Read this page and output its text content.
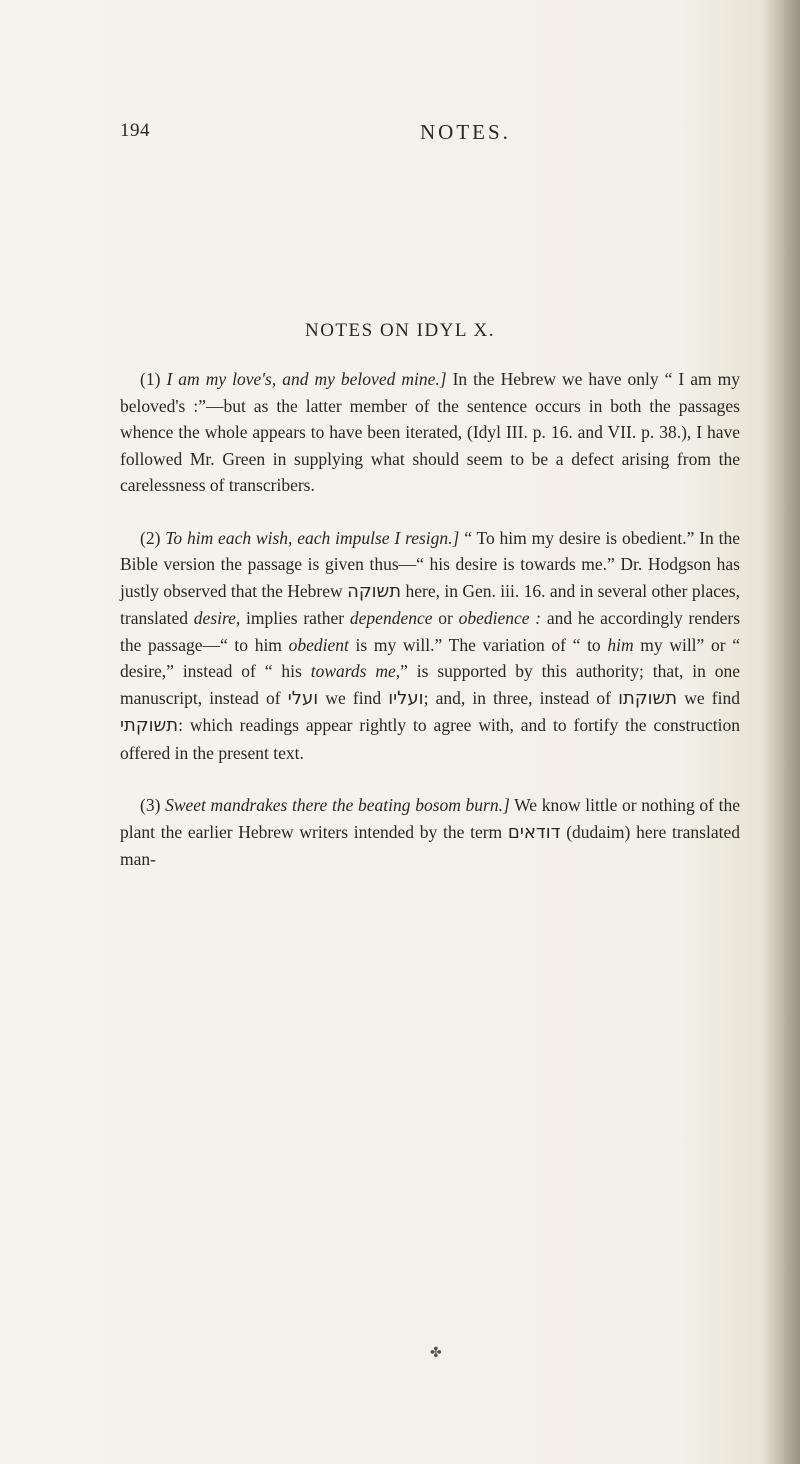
194	NOTES.
NOTES ON IDYL X.

(1) I am my love's, and my beloved mine.] In the Hebrew we have only “ I am my beloved's :”—but as the latter member of the sentence occurs in both the passages whence the whole appears to have been iterated, (Idyl III. p. 16. and VII. p. 38.), I have followed Mr. Green in supplying what should seem to be a defect arising from the carelessness of transcribers.

(2) To him each wish, each impulse I resign.] “ To him my desire is obedient.” In the Bible version the passage is given thus—“ his desire is towards me.” Dr. Hodgson has justly observed that the Hebrew תשוקה here, in Gen. iii. 16. and in several other places, translated desire, implies rather dependence or obedience : and he accordingly renders the passage—“ to him obedient is my will.” The variation of “ to him my will” or “ desire,” instead of “ his towards me,” is supported by this authority; that, in one manuscript, instead of ועלי we find ועליו; and, in three, instead of תשוקתו we find תשוקתי: which readings appear rightly to agree with, and to fortify the construction offered in the present text.

(3) Sweet mandrakes there the beating bosom burn.] We know little or nothing of the plant the earlier Hebrew writers intended by the term דודאים (dudaim) here translated man-

✤
